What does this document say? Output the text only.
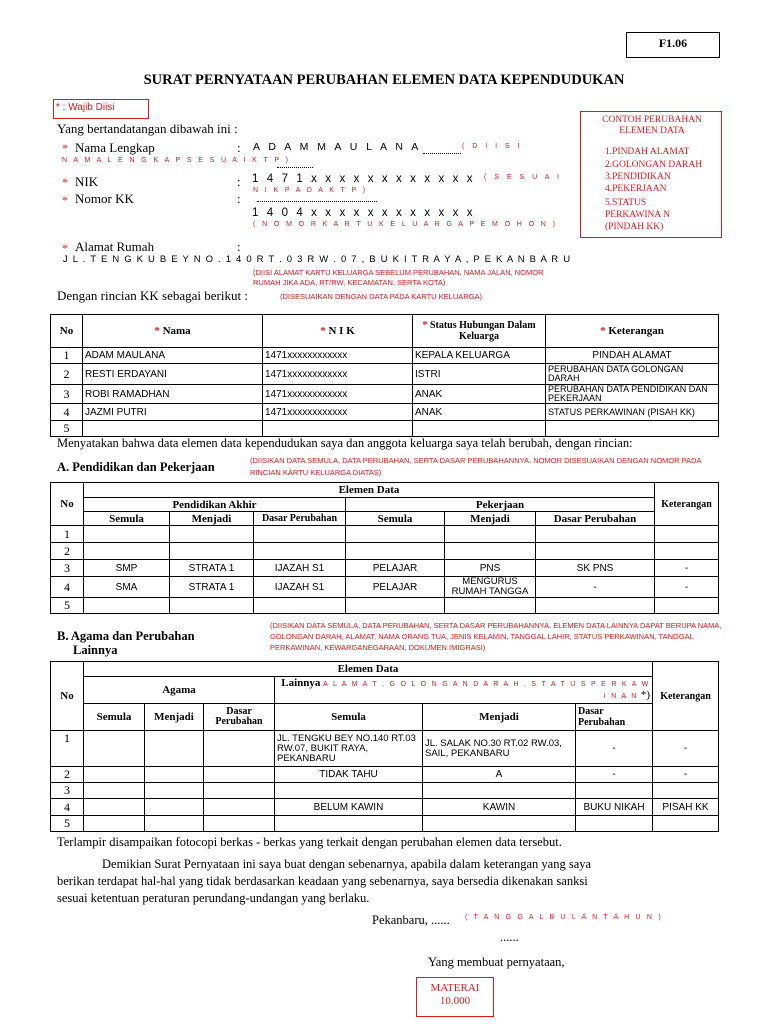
F1.06
SURAT PERNYATAAN PERUBAHAN ELEMEN DATA KEPENDUDUKAN
* : Wajib Diisi
Yang bertandatangan dibawah ini :
CONTOH PERUBAHAN ELEMEN DATA
1.PINDAH ALAMAT
2.GOLONGAN DARAH
3.PENDIDIKAN
4.PEKERJAAN
5.STATUS PERKAWINA N (PINDAH KK)
* Nama Lengkap	: A D A M M A U L A N A	( D I I S I
N A M A L E N G K A P S E S U A I K T P )
* NIK	: 1 4 7 1 x x x x x x x x x x x x ( S E S U A I
N I K P A D A K T P )
* Nomor KK	:
1 4 0 4 x x x x x x x x x x x x
( N O M O R K A R T U K E L U A R G A P E M O H O N )
* Alamat Rumah	:
J L . T E N G K U B E Y N O . 1 4 0 R T . 0 3 R W . 0 7 , B U K I T R A Y A , P E K A N B A R U
(DIISI ALAMAT KARTU KELUARGA SEBELUM PERUBAHAN, NAMA JALAN, NOMOR
RUMAH JIKA ADA, RT/RW, KECAMATAN, SERTA KOTA)
Dengan rincian KK sebagai berikut :	(DISESUAIKAN DENGAN DATA PADA KARTU KELUARGA)
No	* Nama	* N I K	* Status Hubungan Dalam Keluarga	* Keterangan
1	ADAM MAULANA	1471xxxxxxxxxxxx	KEPALA KELUARGA	PINDAH ALAMAT
2	RESTI ERDAYANI	1471xxxxxxxxxxxx	ISTRI	PERUBAHAN DATA GOLONGAN DARAH
3	ROBI RAMADHAN	1471xxxxxxxxxxxx	ANAK	PERUBAHAN DATA PENDIDIKAN DAN PEKERJAAN
4	JAZMI PUTRI	1471xxxxxxxxxxxx	ANAK	STATUS PERKAWINAN (PISAH KK)
5				
Menyatakan bahwa data elemen data kependudukan saya dan anggota keluarga saya telah berubah, dengan rincian:
A. Pendidikan dan Pekerjaan	(DIISIKAN DATA SEMULA, DATA PERUBAHAN, SERTA DASAR PERUBAHANNYA. NOMOR DISESUAIKAN DENGAN NOMOR PADA RINCIAN KARTU KELUARGA DIATAS)
No	Elemen Data						Keterangan
	Pendidikan Akhir			Pekerjaan			
	Semula	Menjadi	Dasar Perubahan	Semula	Menjadi	Dasar Perubahan	
1							
2							
3	SMP	STRATA 1	IJAZAH S1	PELAJAR	PNS	SK PNS	-
4	SMA	STRATA 1	IJAZAH S1	PELAJAR	MENGURUS RUMAH TANGGA	-	-
5							
B. Agama dan Perubahan
Lainnya
(DIISIKAN DATA SEMULA, DATA PERUBAHAN, SERTA DASAR PERUBAHANNYA. ELEMEN DATA LAINNYA DAPAT BERUPA NAMA, GOLONGAN DARAH, ALAMAT, NAMA ORANG TUA, JENIS KELAMIN, TANGGAL LAHIR, STATUS PERKAWINAN, TANGGAL PERKAWINAN, KEWARGANEGARAAN, DOKUMEN IMIGRASI)
No	Elemen Data						Keterangan
	Agama			Lainnya A L A M A T , G O L O N G A N D A R A H , S T A T U S P E R K A W I N A N *)			
	Semula	Menjadi	Dasar Perubahan	Semula	Menjadi	Dasar Perubahan	
1				JL. TENGKU BEY NO.140 RT.03 RW.07, BUKIT RAYA, PEKANBARU	JL. SALAK NO.30 RT.02 RW.03, SAIL, PEKANBARU	-	-
2				TIDAK TAHU	A	-	-
3							
4				BELUM KAWIN	KAWIN	BUKU NIKAH	PISAH KK
5							
Terlampir disampaikan fotocopi berkas - berkas yang terkait dengan perubahan elemen data tersebut.
Demikian Surat Pernyataan ini saya buat dengan sebenarnya, apabila dalam keterangan yang saya
berikan terdapat hal-hal yang tidak berdasarkan keadaan yang sebenarnya, saya bersedia dikenakan sanksi
sesuai ketentuan peraturan perundang-undangan yang berlaku.
Pekanbaru, ...... ( T A N G G A L B U L A N T A H U N )
......
Yang membuat pernyataan,
MATERAI
10.000
